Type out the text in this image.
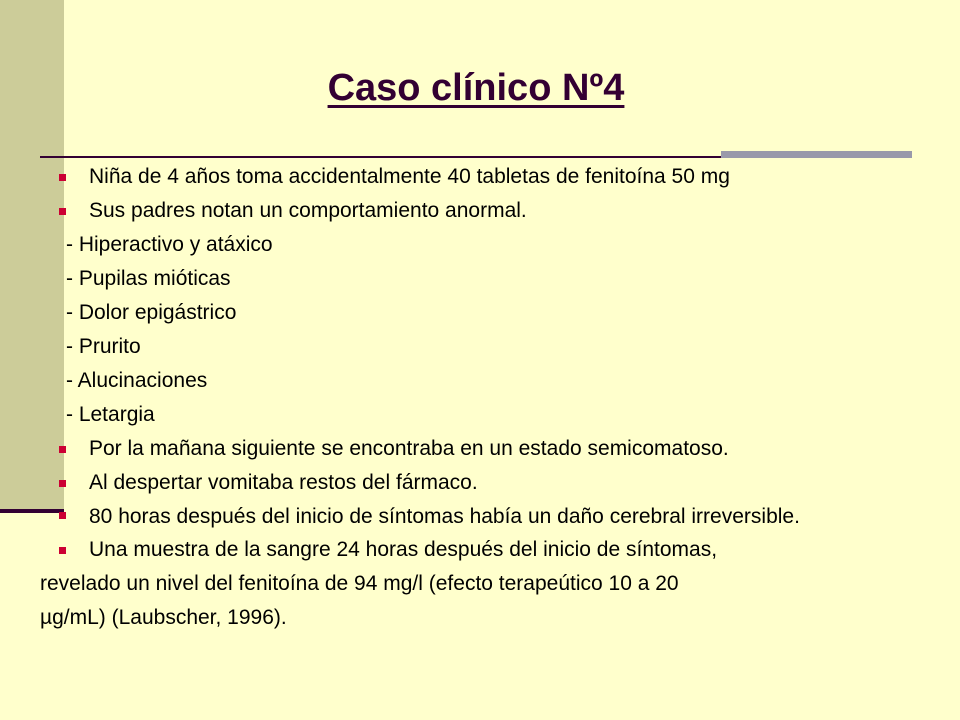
Caso clínico Nº4
Niña de 4 años toma accidentalmente 40 tabletas de fenitoína 50 mg
Sus padres notan un comportamiento anormal.
- Hiperactivo y atáxico
- Pupilas mióticas
- Dolor epigástrico
- Prurito
- Alucinaciones
- Letargia
Por la mañana siguiente se encontraba en un estado semicomatoso.
Al despertar vomitaba restos del fármaco.
80 horas después del inicio de síntomas había un daño cerebral irreversible.
Una muestra de la sangre 24 horas después del inicio de síntomas,
revelado un nivel del fenitoína de 94 mg/l (efecto terapeútico 10 a 20
µg/mL) (Laubscher, 1996).
